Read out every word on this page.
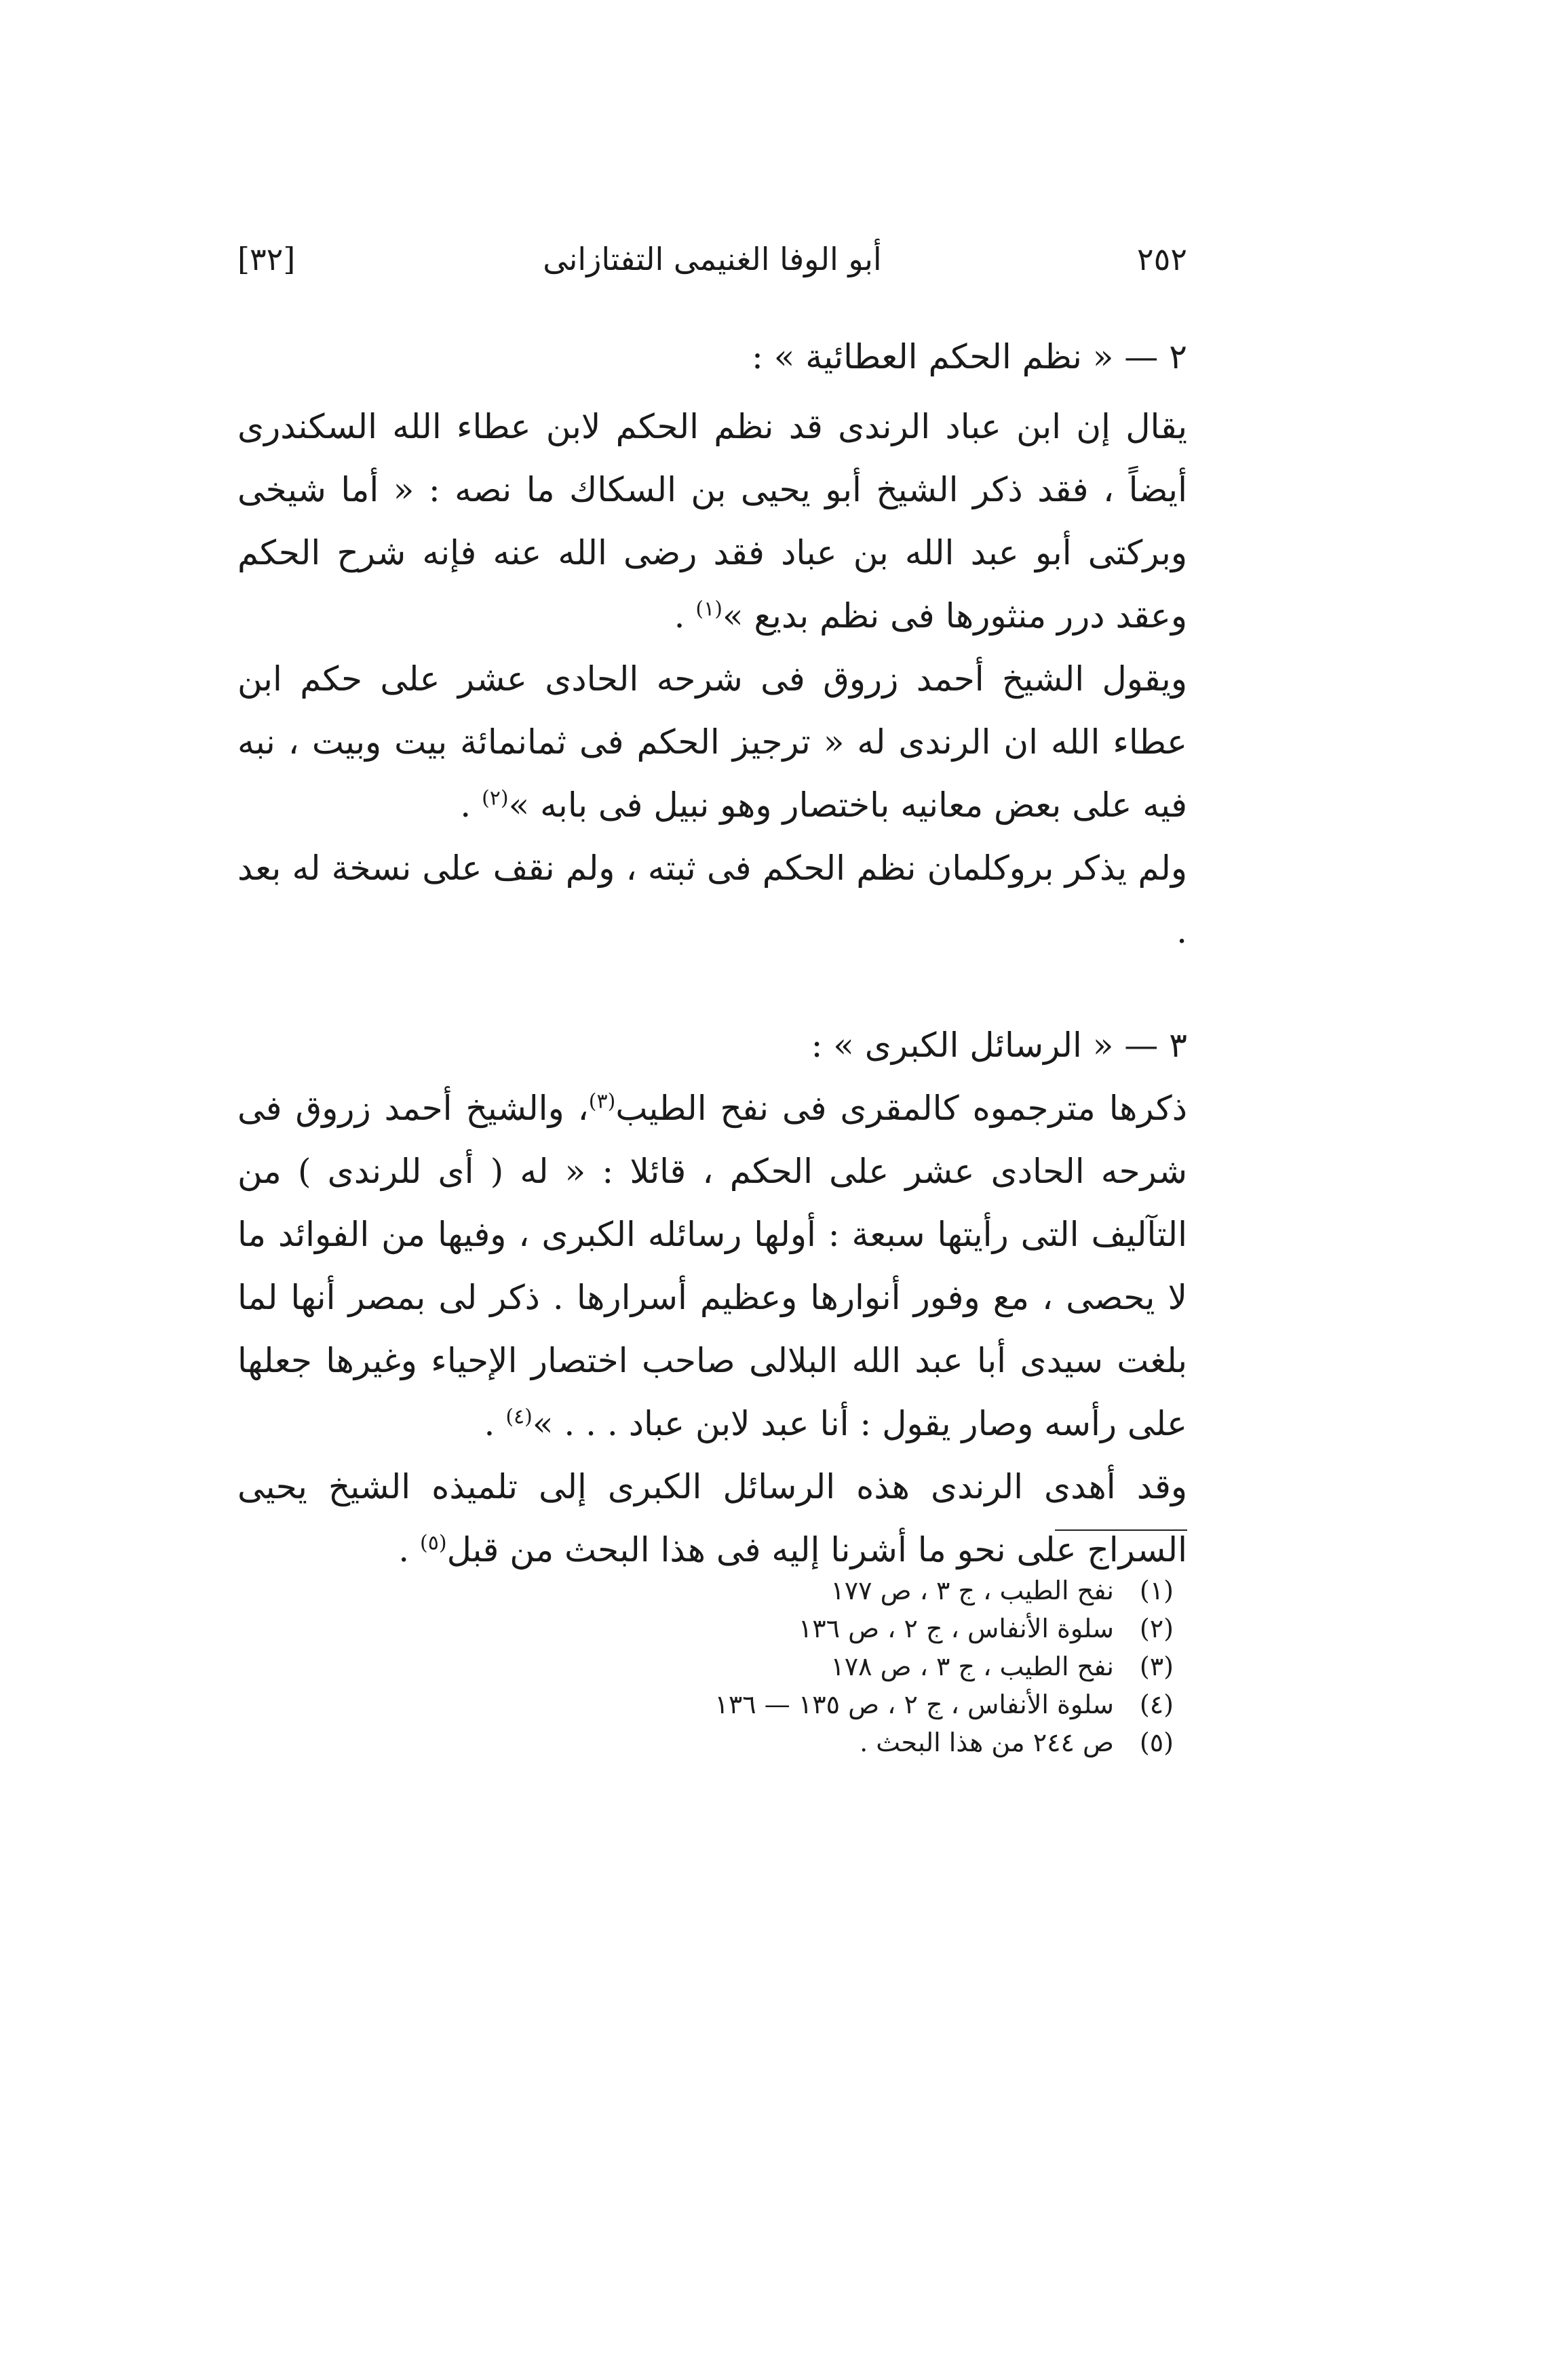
[٣٢]	أبو الوفا الغنيمى التفتازانى	٢٥٢

٢ — « نظم الحكم العطائية » :

يقال إن ابن عباد الرندى قد نظم الحكم لابن عطاء الله السكندرى أيضاً ، فقد ذكر الشيخ أبو يحيى بن السكاك ما نصه : « أما شيخى وبركتى أبو عبد الله بن عباد فقد رضى الله عنه فإنه شرح الحكم وعقد درر منثورها فى نظم بديع »$^{(١)}$ .

ويقول الشيخ أحمد زروق فى شرحه الحادى عشر على حكم ابن عطاء الله ان الرندى له « ترجيز الحكم فى ثمانمائة بيت وبيت ، نبه فيه على بعض معانيه باختصار وهو نبيل فى بابه »$^{(٢)}$ .

ولم يذكر بروكلمان نظم الحكم فى ثبته ، ولم نقف على نسخة له بعد .

٣ — « الرسائل الكبرى » :

ذكرها مترجموه كالمقرى فى نفح الطيب$^{(٣)}$، والشيخ أحمد زروق فى شرحه الحادى عشر على الحكم ، قائلا : « له ( أى للرندى ) من التآليف التى رأيتها سبعة : أولها رسائله الكبرى ، وفيها من الفوائد ما لا يحصى ، مع وفور أنوارها وعظيم أسرارها . ذكر لى بمصر أنها لما بلغت سيدى أبا عبد الله البلالى صاحب اختصار الإحياء وغيرها جعلها على رأسه وصار يقول : أنا عبد لابن عباد . . . »$^{(٤)}$ .

وقد أهدى الرندى هذه الرسائل الكبرى إلى تلميذه الشيخ يحيى السراج على نحو ما أشرنا إليه فى هذا البحث من قبل$^{(٥)}$ .

(١)
نفح الطيب ، ج ٣ ، ص ١٧٧
(٢)
سلوة الأنفاس ، ج ٢ ، ص ١٣٦
(٣)
نفح الطيب ، ج ٣ ، ص ١٧٨
(٤)
سلوة الأنفاس ، ج ٢ ، ص ١٣٥ — ١٣٦
(٥)
ص ٢٤٤ من هذا البحث .
